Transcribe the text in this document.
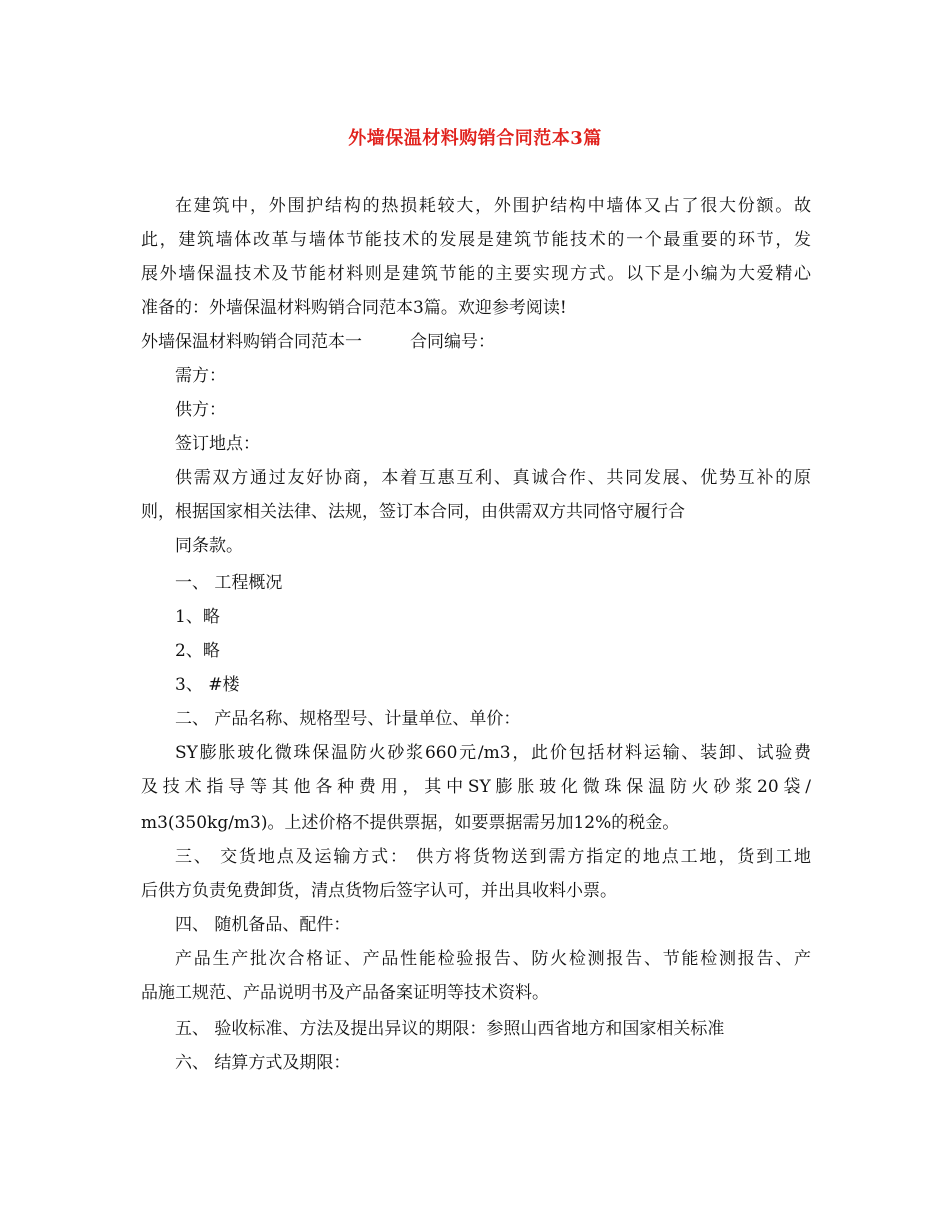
外墙保温材料购销合同范本3篇
在建筑中，外围护结构的热损耗较大，外围护结构中墙体又占了很大份额。故
此，建筑墙体改革与墙体节能技术的发展是建筑节能技术的一个最重要的环节，发
展外墙保温技术及节能材料则是建筑节能的主要实现方式。以下是小编为大爱精心
准备的：外墙保温材料购销合同范本3篇。欢迎参考阅读!
外墙保温材料购销合同范本一	合同编号：
需方：
供方：
签订地点：
供需双方通过友好协商，本着互惠互利、真诚合作、共同发展、优势互补的原
则，根据国家相关法律、法规，签订本合同，由供需双方共同恪守履行合
同条款。
一、 工程概况
1、略
2、略
3、 #楼
二、 产品名称、规格型号、计量单位、单价：
SY膨胀玻化微珠保温防火砂浆660元/m3，此价包括材料运输、装卸、试验费
及技术指导等其他各种费用，其中SY膨胀玻化微珠保温防火砂浆20袋/
m3(350kg/m3)。上述价格不提供票据，如要票据需另加12%的税金。
三、 交货地点及运输方式： 供方将货物送到需方指定的地点工地，货到工地
后供方负责免费卸货，清点货物后签字认可，并出具收料小票。
四、 随机备品、配件：
产品生产批次合格证、产品性能检验报告、防火检测报告、节能检测报告、产
品施工规范、产品说明书及产品备案证明等技术资料。
五、 验收标准、方法及提出异议的期限：参照山西省地方和国家相关标准
六、 结算方式及期限：
